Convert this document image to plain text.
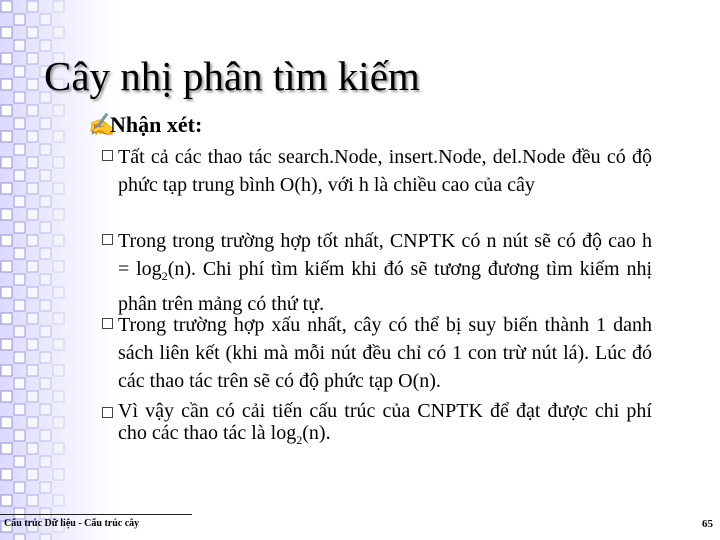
Cây nhị phân tìm kiếm
✍Nhận xét:
Tất cả các thao tác search.Node, insert.Node, del.Node đều có độ phức tạp trung bình O(h), với h là chiều cao của cây
Trong trong trường hợp tốt nhất, CNPTK có n nút sẽ có độ cao $h = \log_2(n)$. Chi phí tìm kiếm khi đó sẽ tương đương tìm kiếm nhị phân trên mảng có thứ tự.
Trong trường hợp xấu nhất, cây có thể bị suy biến thành 1 danh sách liên kết (khi mà mỗi nút đều chỉ có 1 con trừ nút lá). Lúc đó các thao tác trên sẽ có độ phức tạp O(n).
Vì vậy cần có cải tiến cấu trúc của CNPTK để đạt được chi phí cho các thao tác là $\log_2(n)$.
Cấu trúc Dữ liệu - Cấu trúc cây	65
